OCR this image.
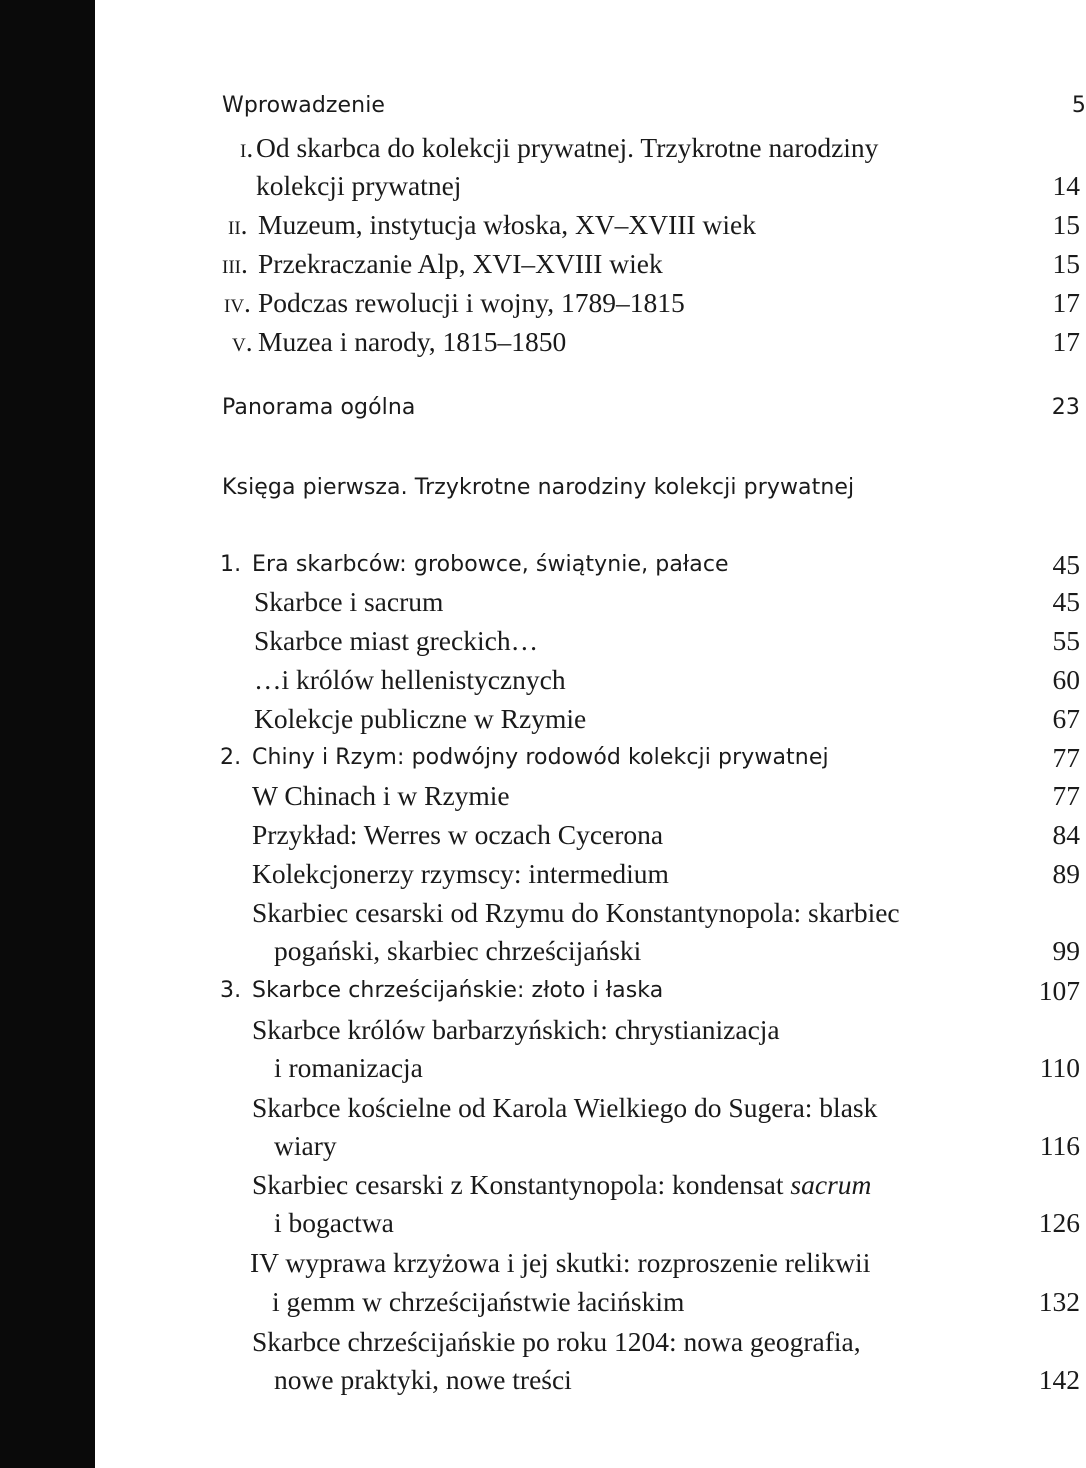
Wprowadzenie	5
i. Od skarbca do kolekcji prywatnej. Trzykrotne narodziny
kolekcji prywatnej	14
ii. Muzeum, instytucja włoska, XV–XVIII wiek	15
iii. Przekraczanie Alp, XVI–XVIII wiek	15
iv. Podczas rewolucji i wojny, 1789–1815	17
v. Muzea i narody, 1815–1850	17
Panorama ogólna	23
Księga pierwsza. Trzykrotne narodziny kolekcji prywatnej
1. Era skarbców: grobowce, świątynie, pałace	45
Skarbce i sacrum	45
Skarbce miast greckich…	55
…i królów hellenistycznych	60
Kolekcje publiczne w Rzymie	67
2. Chiny i Rzym: podwójny rodowód kolekcji prywatnej	77
W Chinach i w Rzymie	77
Przykład: Werres w oczach Cycerona	84
Kolekcjonerzy rzymscy: intermedium	89
Skarbiec cesarski od Rzymu do Konstantynopola: skarbiec
pogański, skarbiec chrześcijański	99
3. Skarbce chrześcijańskie: złoto i łaska	107
Skarbce królów barbarzyńskich: chrystianizacja
i romanizacja	110
Skarbce kościelne od Karola Wielkiego do Sugera: blask
wiary	116
Skarbiec cesarski z Konstantynopola: kondensat sacrum
i bogactwa	126
IV wyprawa krzyżowa i jej skutki: rozproszenie relikwii
i gemm w chrześcijaństwie łacińskim	132
Skarbce chrześcijańskie po roku 1204: nowa geografia,
nowe praktyki, nowe treści	142
